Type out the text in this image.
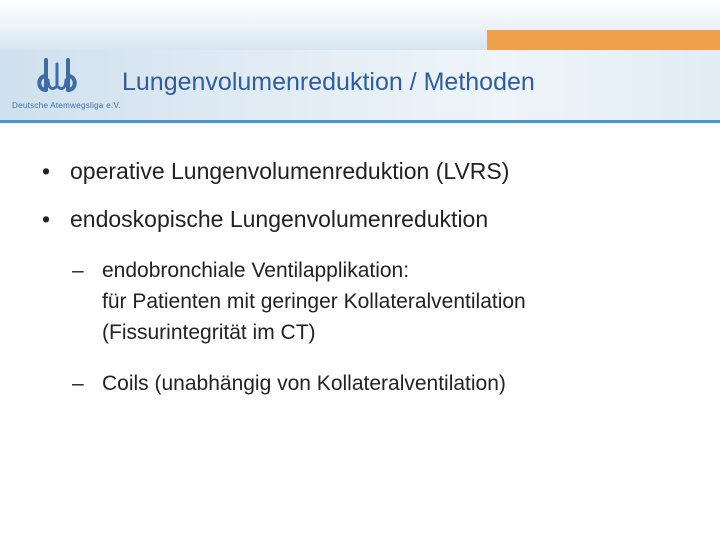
Deutsche Atemwegsliga e.V.
Lungenvolumenreduktion / Methoden
• operative Lungenvolumenreduktion (LVRS)
• endoskopische Lungenvolumenreduktion
– endobronchiale Ventilapplikation:
für Patienten mit geringer Kollateralventilation
(Fissurintegrität im CT)
– Coils (unabhängig von Kollateralventilation)
